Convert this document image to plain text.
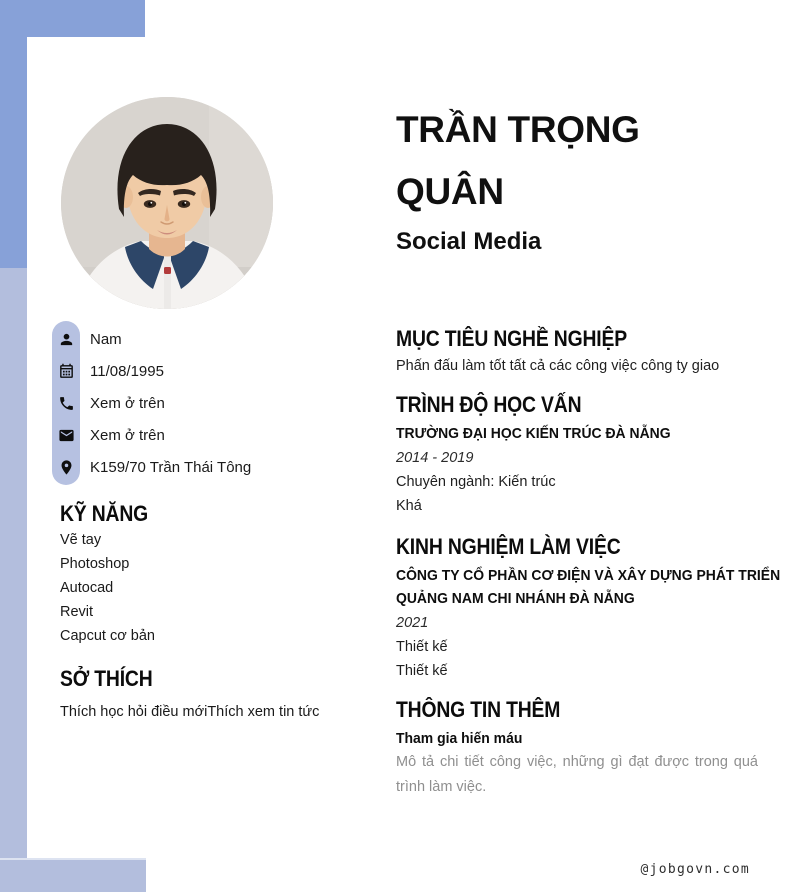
TRẦN TRỌNG
QUÂN
Social Media
Nam
11/08/1995
Xem ở trên
Xem ở trên
K159/70 Trần Thái Tông
KỸ NĂNG
Vẽ tay
Photoshop
Autocad
Revit
Capcut cơ bản
SỞ THÍCH
Thích học hỏi điều mớiThích xem tin tức
MỤC TIÊU NGHỀ NGHIỆP
Phấn đấu làm tốt tất cả các công việc công ty giao
TRÌNH ĐỘ HỌC VẤN
TRƯỜNG ĐẠI HỌC KIẾN TRÚC ĐÀ NẴNG
2014 - 2019
Chuyên ngành: Kiến trúc
Khá
KINH NGHIỆM LÀM VIỆC
CÔNG TY CỔ PHẦN CƠ ĐIỆN VÀ XÂY DỰNG PHÁT TRIỂN
QUẢNG NAM CHI NHÁNH ĐÀ NẴNG
2021
Thiết kế
Thiết kế
THÔNG TIN THÊM
Tham gia hiến máu
Mô tả chi tiết công việc, những gì đạt được trong quá trình làm việc.
@jobgovn.com
